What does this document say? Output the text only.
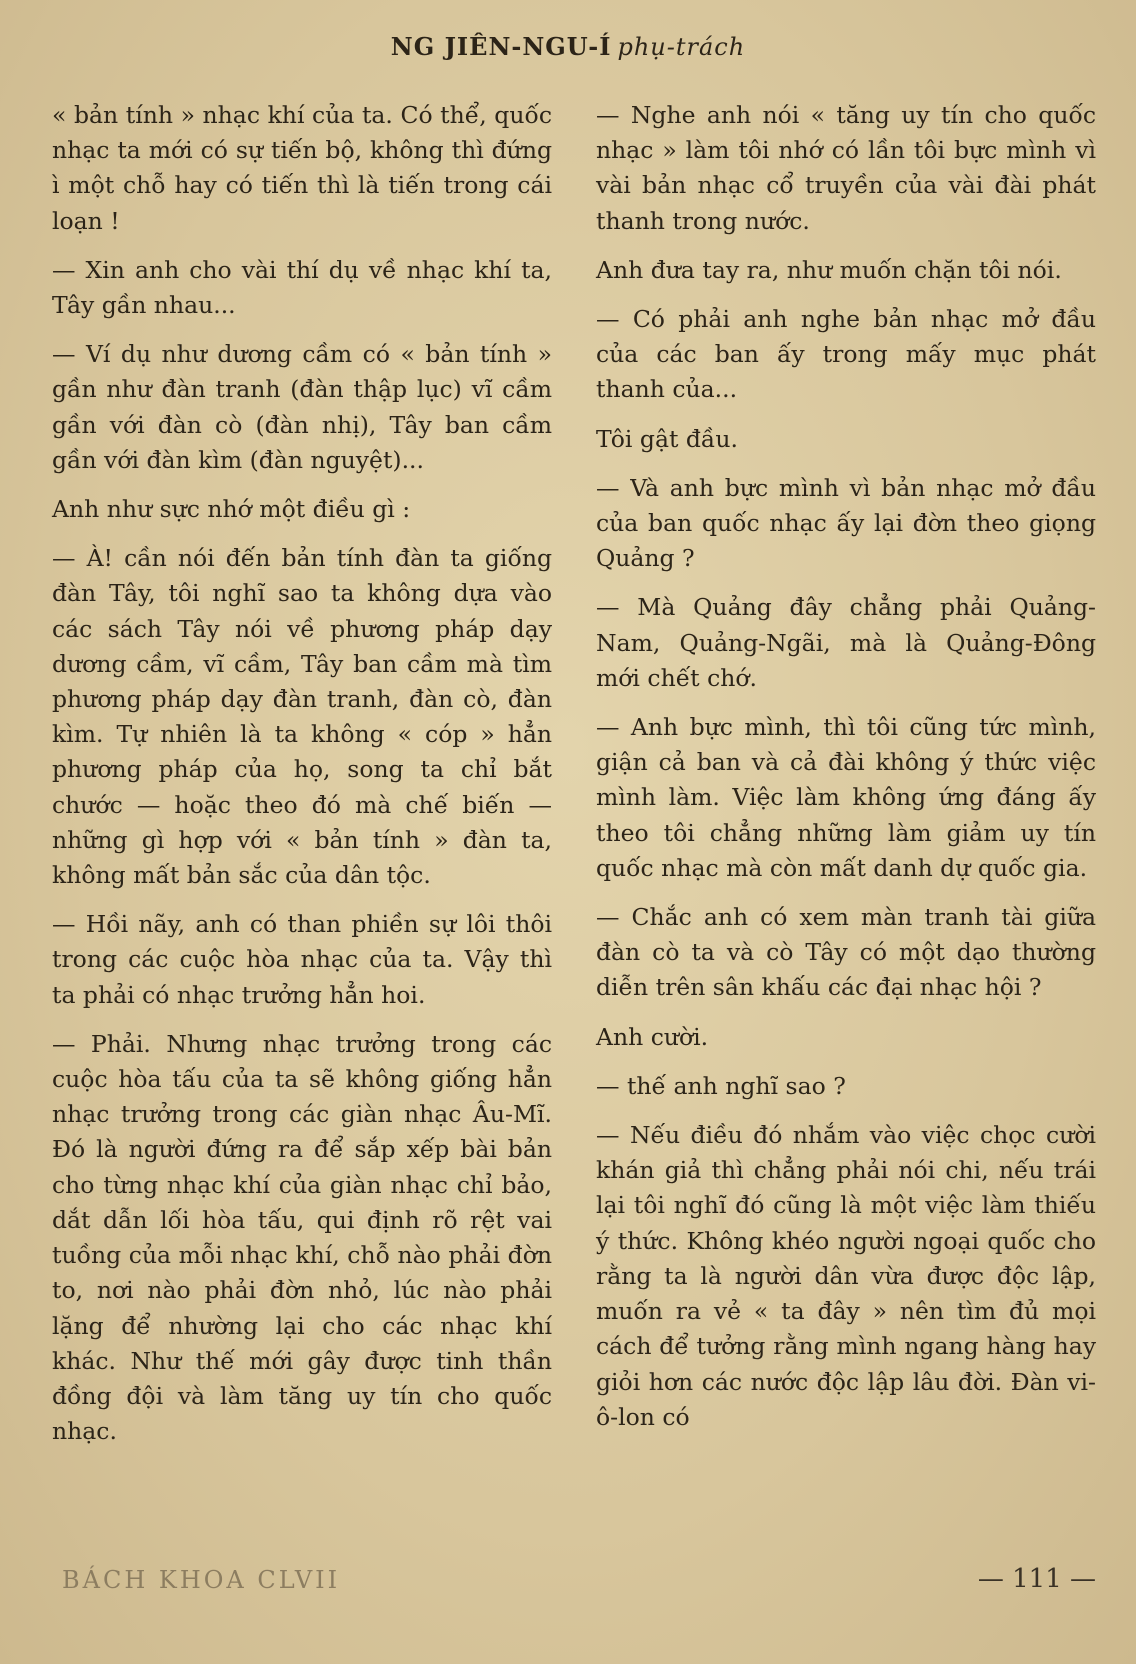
NG JIÊN-NGU-Í phụ-trách

« bản tính » nhạc khí của ta. Có thể, quốc nhạc ta mới có sự tiến bộ, không thì đứng ì một chỗ hay có tiến thì là tiến trong cái loạn !

— Xin anh cho vài thí dụ về nhạc khí ta, Tây gần nhau...

— Ví dụ như dương cầm có « bản tính » gần như đàn tranh (đàn thập lục) vĩ cầm gần với đàn cò (đàn nhị), Tây ban cầm gần với đàn kìm (đàn nguyệt)...

Anh như sực nhớ một điều gì :

— À! cần nói đến bản tính đàn ta giống đàn Tây, tôi nghĩ sao ta không dựa vào các sách Tây nói về phương pháp dạy dương cầm, vĩ cầm, Tây ban cầm mà tìm phương pháp dạy đàn tranh, đàn cò, đàn kìm. Tự nhiên là ta không « cóp » hẳn phương pháp của họ, song ta chỉ bắt chước — hoặc theo đó mà chế biến — những gì hợp với « bản tính » đàn ta, không mất bản sắc của dân tộc.

— Hồi nãy, anh có than phiền sự lôi thôi trong các cuộc hòa nhạc của ta. Vậy thì ta phải có nhạc trưởng hẳn hoi.

— Phải. Nhưng nhạc trưởng trong các cuộc hòa tấu của ta sẽ không giống hẳn nhạc trưởng trong các giàn nhạc Âu-Mĩ. Đó là người đứng ra để sắp xếp bài bản cho từng nhạc khí của giàn nhạc chỉ bảo, dắt dẫn lối hòa tấu, qui định rõ rệt vai tuồng của mỗi nhạc khí, chỗ nào phải đờn to, nơi nào phải đờn nhỏ, lúc nào phải lặng để nhường lại cho các nhạc khí khác. Như thế mới gây được tinh thần đồng đội và làm tăng uy tín cho quốc nhạc.

— Nghe anh nói « tăng uy tín cho quốc nhạc » làm tôi nhớ có lần tôi bực mình vì vài bản nhạc cổ truyền của vài đài phát thanh trong nước.

Anh đưa tay ra, như muốn chặn tôi nói.

— Có phải anh nghe bản nhạc mở đầu của các ban ấy trong mấy mục phát thanh của...

Tôi gật đầu.

— Và anh bực mình vì bản nhạc mở đầu của ban quốc nhạc ấy lại đờn theo giọng Quảng ?

— Mà Quảng đây chẳng phải Quảng-Nam, Quảng-Ngãi, mà là Quảng-Đông mới chết chớ.

— Anh bực mình, thì tôi cũng tức mình, giận cả ban và cả đài không ý thức việc mình làm. Việc làm không ứng đáng ấy theo tôi chẳng những làm giảm uy tín quốc nhạc mà còn mất danh dự quốc gia.

— Chắc anh có xem màn tranh tài giữa đàn cò ta và cò Tây có một dạo thường diễn trên sân khấu các đại nhạc hội ?

Anh cười.

— thế anh nghĩ sao ?

— Nếu điều đó nhắm vào việc chọc cười khán giả thì chẳng phải nói chi, nếu trái lại tôi nghĩ đó cũng là một việc làm thiếu ý thức. Không khéo người ngoại quốc cho rằng ta là người dân vừa được độc lập, muốn ra vẻ « ta đây » nên tìm đủ mọi cách để tưởng rằng mình ngang hàng hay giỏi hơn các nước độc lập lâu đời. Đàn vi-ô-lon có

BÁCH KHOA CLVII	— 111 —
